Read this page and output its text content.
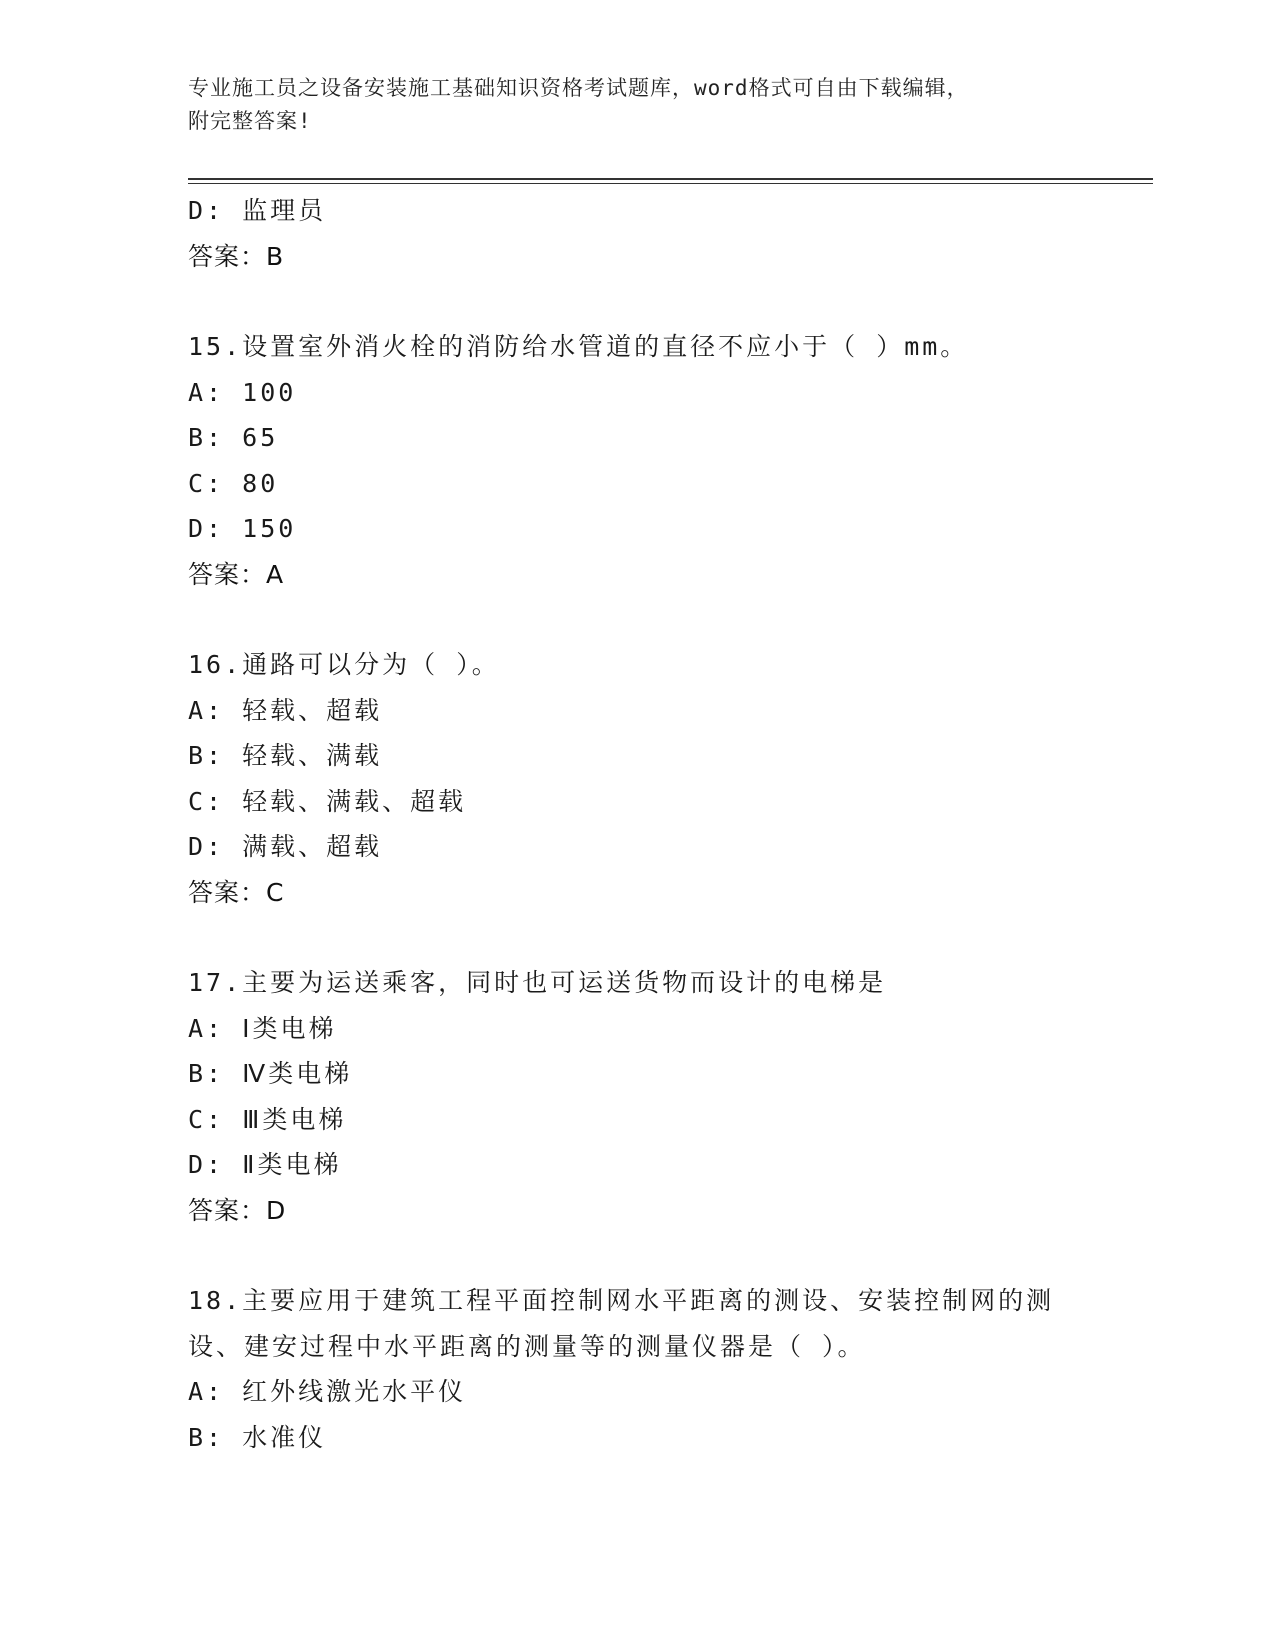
专业施工员之设备安装施工基础知识资格考试题库，word格式可自由下载编辑，
附完整答案!
D: 监理员
答案：B
15.设置室外消火栓的消防给水管道的直径不应小于（ ）mm。
A: 100
B: 65
C: 80
D: 150
答案：A
16.通路可以分为（ ）。
A: 轻载、超载
B: 轻载、满载
C: 轻载、满载、超载
D: 满载、超载
答案：C
17.主要为运送乘客，同时也可运送货物而设计的电梯是
A: Ⅰ类电梯
B: Ⅳ类电梯
C: Ⅲ类电梯
D: Ⅱ类电梯
答案：D
18.主要应用于建筑工程平面控制网水平距离的测设、安装控制网的测
设、建安过程中水平距离的测量等的测量仪器是（ ）。
A: 红外线激光水平仪
B: 水准仪
